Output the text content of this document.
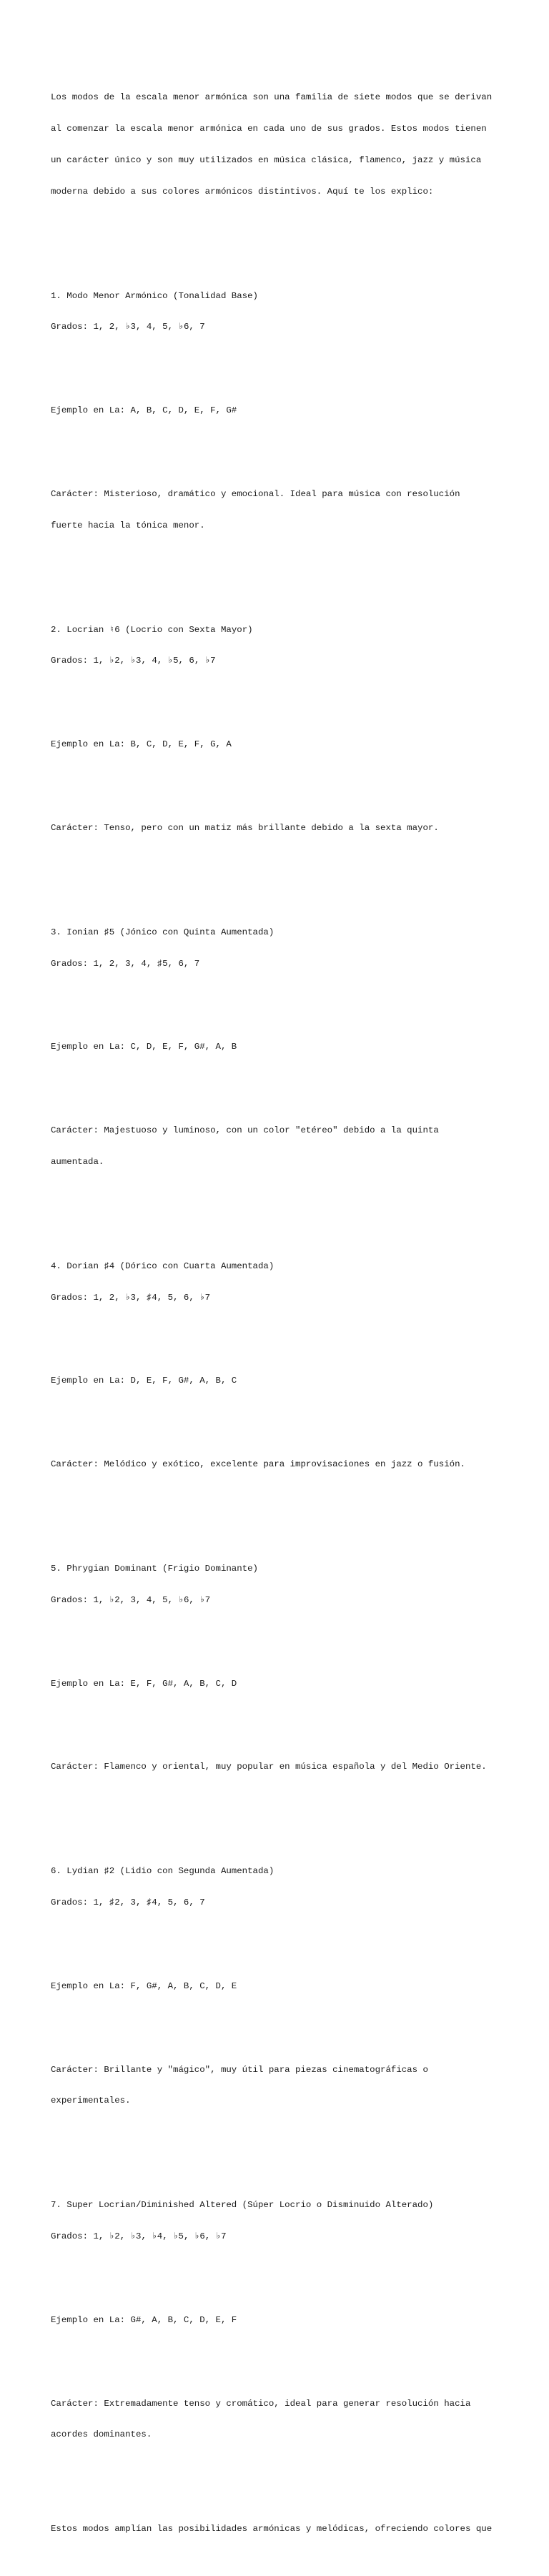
Los modos de la escala menor armónica son una familia de siete modos que se derivan

al comenzar la escala menor armónica en cada uno de sus grados. Estos modos tienen

un carácter único y son muy utilizados en música clásica, flamenco, jazz y música

moderna debido a sus colores armónicos distintivos. Aquí te los explico:

1. Modo Menor Armónico (Tonalidad Base)

Grados: 1, 2, ♭3, 4, 5, ♭6, 7

Ejemplo en La: A, B, C, D, E, F, G#

Carácter: Misterioso, dramático y emocional. Ideal para música con resolución

fuerte hacia la tónica menor.

2. Locrian ♮6 (Locrio con Sexta Mayor)

Grados: 1, ♭2, ♭3, 4, ♭5, 6, ♭7

Ejemplo en La: B, C, D, E, F, G, A

Carácter: Tenso, pero con un matiz más brillante debido a la sexta mayor.

3. Ionian ♯5 (Jónico con Quinta Aumentada)

Grados: 1, 2, 3, 4, ♯5, 6, 7

Ejemplo en La: C, D, E, F, G#, A, B

Carácter: Majestuoso y luminoso, con un color "etéreo" debido a la quinta

aumentada.

4. Dorian ♯4 (Dórico con Cuarta Aumentada)

Grados: 1, 2, ♭3, ♯4, 5, 6, ♭7

Ejemplo en La: D, E, F, G#, A, B, C

Carácter: Melódico y exótico, excelente para improvisaciones en jazz o fusión.

5. Phrygian Dominant (Frigio Dominante)

Grados: 1, ♭2, 3, 4, 5, ♭6, ♭7

Ejemplo en La: E, F, G#, A, B, C, D

Carácter: Flamenco y oriental, muy popular en música española y del Medio Oriente.

6. Lydian ♯2 (Lidio con Segunda Aumentada)

Grados: 1, ♯2, 3, ♯4, 5, 6, 7

Ejemplo en La: F, G#, A, B, C, D, E

Carácter: Brillante y "mágico", muy útil para piezas cinematográficas o

experimentales.

7. Super Locrian/Diminished Altered (Súper Locrio o Disminuido Alterado)

Grados: 1, ♭2, ♭3, ♭4, ♭5, ♭6, ♭7

Ejemplo en La: G#, A, B, C, D, E, F

Carácter: Extremadamente tenso y cromático, ideal para generar resolución hacia

acordes dominantes.

Estos modos amplían las posibilidades armónicas y melódicas, ofreciendo colores que
